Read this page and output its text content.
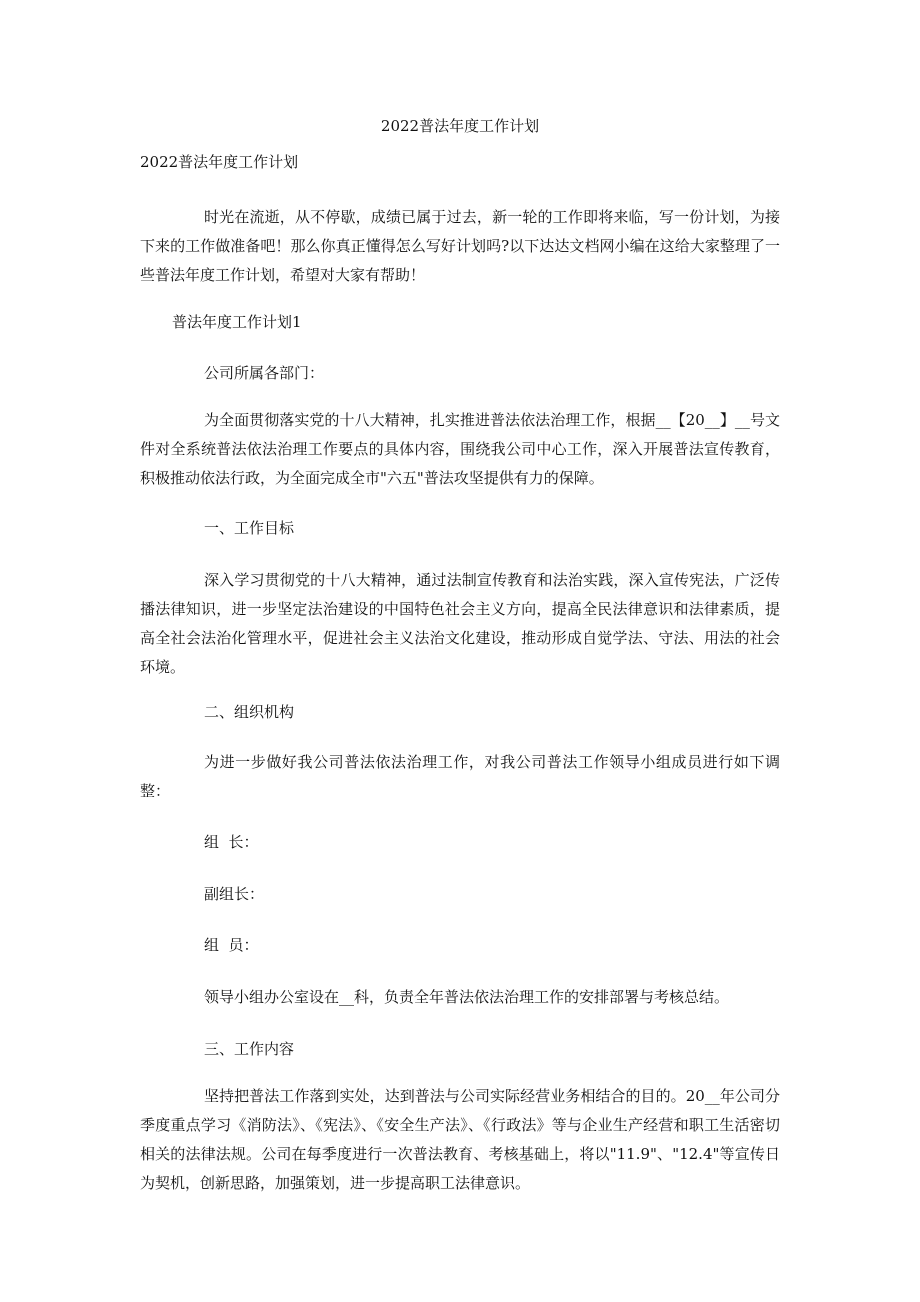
2022普法年度工作计划
2022普法年度工作计划

时光在流逝，从不停歇，成绩已属于过去，新一轮的工作即将来临，写一份计划，为接下来的工作做准备吧！那么你真正懂得怎么写好计划吗?以下达达文档网小编在这给大家整理了一些普法年度工作计划，希望对大家有帮助！

普法年度工作计划1
公司所属各部门：

为全面贯彻落实党的十八大精神，扎实推进普法依法治理工作，根据__【20__】__号文件对全系统普法依法治理工作要点的具体内容，围绕我公司中心工作，深入开展普法宣传教育，积极推动依法行政，为全面完成全市"六五"普法攻坚提供有力的保障。

一、工作目标

深入学习贯彻党的十八大精神，通过法制宣传教育和法治实践，深入宣传宪法，广泛传播法律知识，进一步坚定法治建设的中国特色社会主义方向，提高全民法律意识和法律素质，提高全社会法治化管理水平，促进社会主义法治文化建设，推动形成自觉学法、守法、用法的社会环境。

二、组织机构

为进一步做好我公司普法依法治理工作，对我公司普法工作领导小组成员进行如下调整：

组  长：
副组长：
组  员：
领导小组办公室设在__科，负责全年普法依法治理工作的安排部署与考核总结。
三、工作内容

坚持把普法工作落到实处，达到普法与公司实际经营业务相结合的目的。20__年公司分季度重点学习《消防法》、《宪法》、《安全生产法》、《行政法》等与企业生产经营和职工生活密切相关的法律法规。公司在每季度进行一次普法教育、考核基础上，将以"11.9"、"12.4"等宣传日为契机，创新思路，加强策划，进一步提高职工法律意识。
